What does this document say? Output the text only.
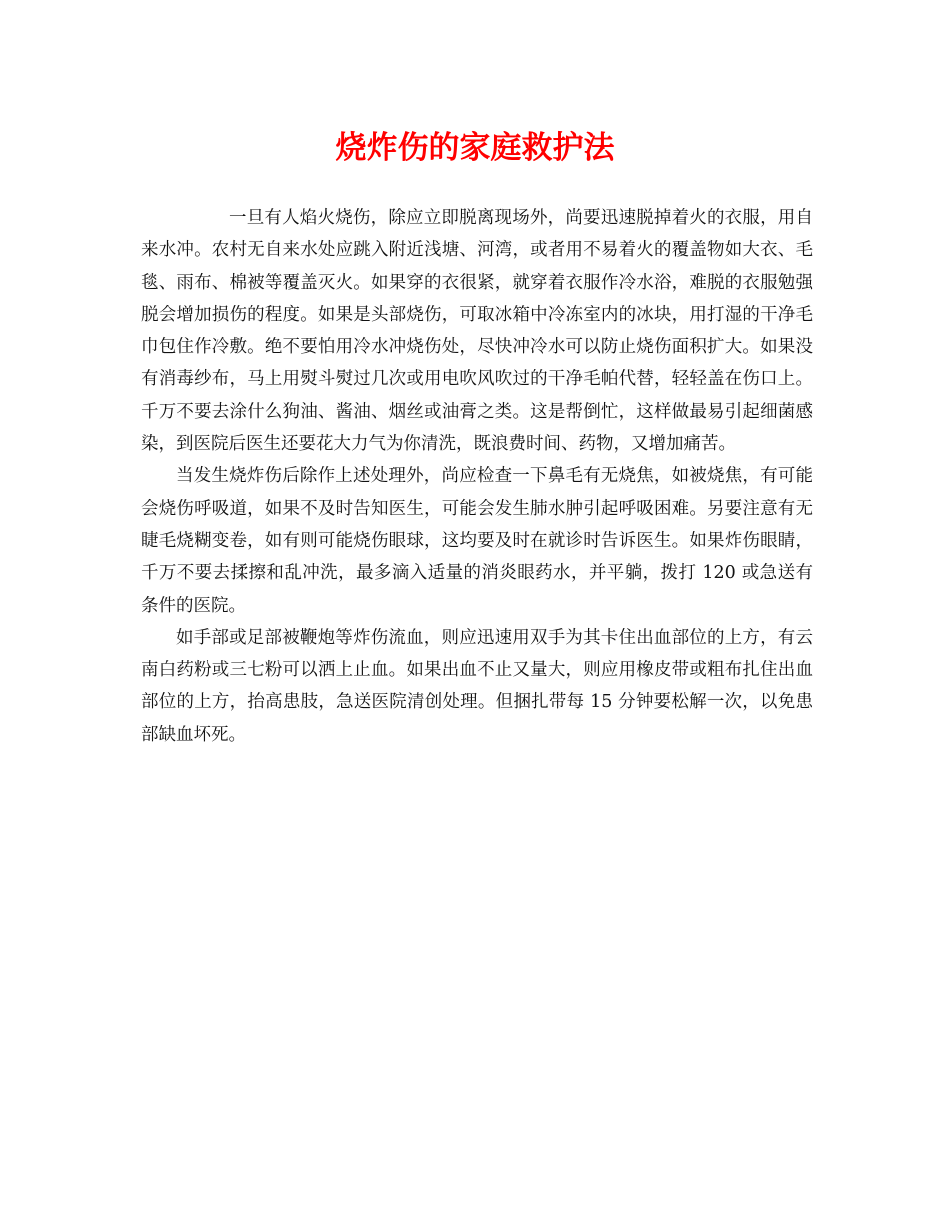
烧炸伤的家庭救护法

一旦有人焰火烧伤，除应立即脱离现场外，尚要迅速脱掉着火的衣服，用自来水冲。农村无自来水处应跳入附近浅塘、河湾，或者用不易着火的覆盖物如大衣、毛毯、雨布、棉被等覆盖灭火。如果穿的衣很紧，就穿着衣服作冷水浴，难脱的衣服勉强脱会增加损伤的程度。如果是头部烧伤，可取冰箱中冷冻室内的冰块，用打湿的干净毛巾包住作冷敷。绝不要怕用冷水冲烧伤处，尽快冲冷水可以防止烧伤面积扩大。如果没有消毒纱布，马上用熨斗熨过几次或用电吹风吹过的干净毛帕代替，轻轻盖在伤口上。千万不要去涂什么狗油、酱油、烟丝或油膏之类。这是帮倒忙，这样做最易引起细菌感染，到医院后医生还要花大力气为你清洗，既浪费时间、药物，又增加痛苦。

当发生烧炸伤后除作上述处理外，尚应检查一下鼻毛有无烧焦，如被烧焦，有可能会烧伤呼吸道，如果不及时告知医生，可能会发生肺水肿引起呼吸困难。另要注意有无睫毛烧糊变卷，如有则可能烧伤眼球，这均要及时在就诊时告诉医生。如果炸伤眼睛，千万不要去揉擦和乱冲洗，最多滴入适量的消炎眼药水，并平躺，拨打 120 或急送有条件的医院。

如手部或足部被鞭炮等炸伤流血，则应迅速用双手为其卡住出血部位的上方，有云南白药粉或三七粉可以洒上止血。如果出血不止又量大，则应用橡皮带或粗布扎住出血部位的上方，抬高患肢，急送医院清创处理。但捆扎带每 15 分钟要松解一次，以免患部缺血坏死。
